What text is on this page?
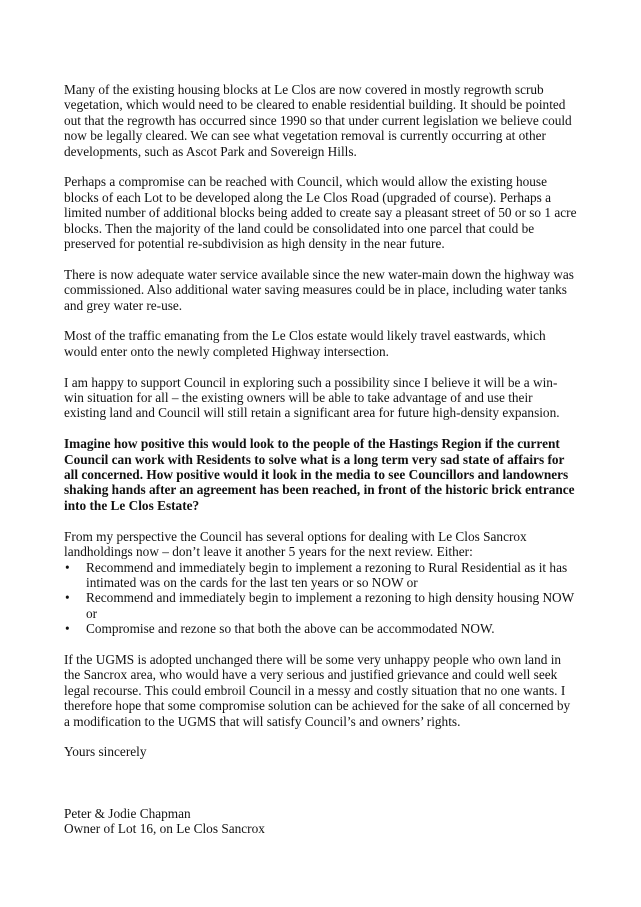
Many of the existing housing blocks at Le Clos are now covered in mostly regrowth scrub vegetation, which would need to be cleared to enable residential building. It should be pointed out that the regrowth has occurred since 1990 so that under current legislation we believe could now be legally cleared. We can see what vegetation removal is currently occurring at other developments, such as Ascot Park and Sovereign Hills.

Perhaps a compromise can be reached with Council, which would allow the existing house blocks of each Lot to be developed along the Le Clos Road (upgraded of course). Perhaps a limited number of additional blocks being added to create say a pleasant street of 50 or so 1 acre blocks. Then the majority of the land could be consolidated into one parcel that could be preserved for potential re-subdivision as high density in the near future.

There is now adequate water service available since the new water-main down the highway was commissioned. Also additional water saving measures could be in place, including water tanks and grey water re-use.

Most of the traffic emanating from the Le Clos estate would likely travel eastwards, which would enter onto the newly completed Highway intersection.

I am happy to support Council in exploring such a possibility since I believe it will be a win-win situation for all – the existing owners will be able to take advantage of and use their existing land and Council will still retain a significant area for future high-density expansion.

Imagine how positive this would look to the people of the Hastings Region if the current Council can work with Residents to solve what is a long term very sad state of affairs for all concerned. How positive would it look in the media to see Councillors and landowners shaking hands after an agreement has been reached, in front of the historic brick entrance into the Le Clos Estate?

From my perspective the Council has several options for dealing with Le Clos Sancrox landholdings now – don’t leave it another 5 years for the next review. Either:

• Recommend and immediately begin to implement a rezoning to Rural Residential as it has intimated was on the cards for the last ten years or so NOW or
• Recommend and immediately begin to implement a rezoning to high density housing NOW or
• Compromise and rezone so that both the above can be accommodated NOW.

If the UGMS is adopted unchanged there will be some very unhappy people who own land in the Sancrox area, who would have a very serious and justified grievance and could well seek legal recourse. This could embroil Council in a messy and costly situation that no one wants. I therefore hope that some compromise solution can be achieved for the sake of all concerned by a modification to the UGMS that will satisfy Council’s and owners’ rights.

Yours sincerely

Peter & Jodie Chapman

Owner of Lot 16, on Le Clos Sancrox
